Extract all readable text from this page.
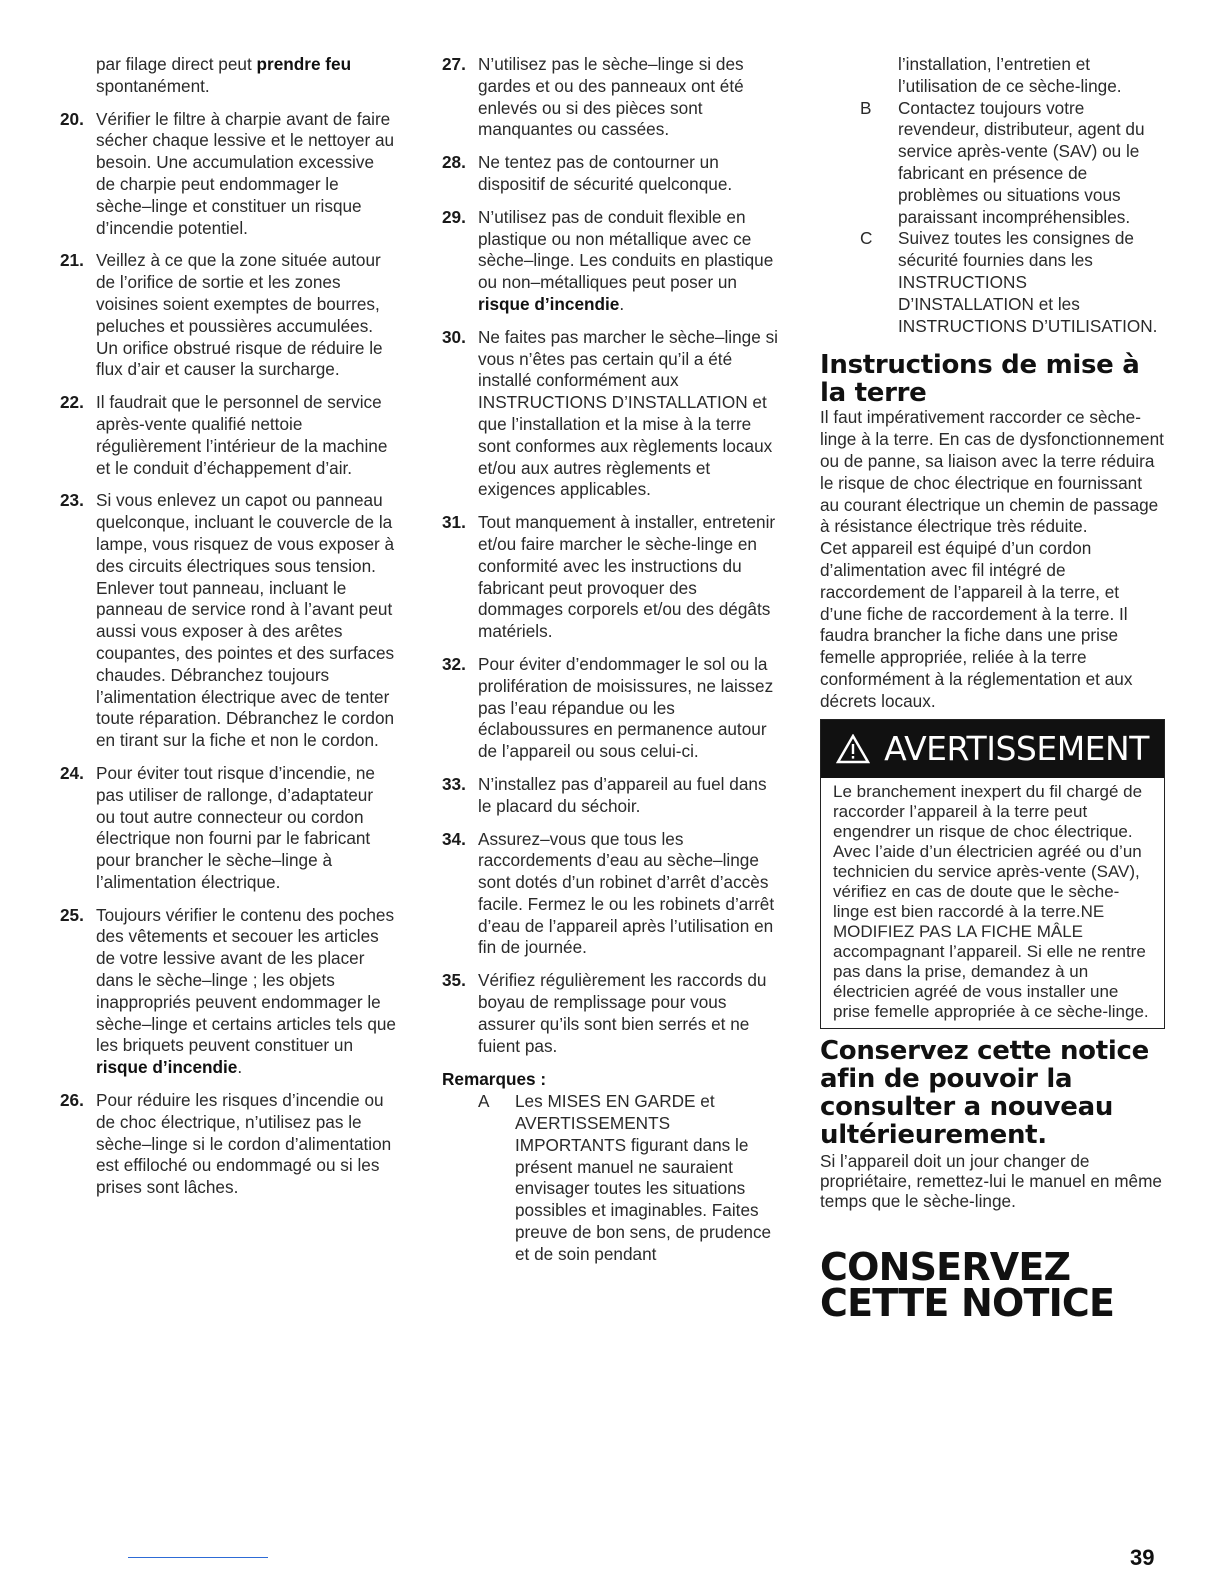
par filage direct peut prendre feu spontanément.
20. Vérifier le filtre à charpie avant de faire sécher chaque lessive et le nettoyer au besoin. Une accumulation excessive de charpie peut endommager le sèche–linge et constituer un risque d’incendie potentiel.
21. Veillez à ce que la zone située autour de l’orifice de sortie et les zones voisines soient exemptes de bourres, peluches et poussières accumulées. Un orifice obstrué risque de réduire le flux d’air et causer la surcharge.
22. Il faudrait que le personnel de service après-vente qualifié nettoie régulièrement l’intérieur de la machine et le conduit d’échappement d’air.
23. Si vous enlevez un capot ou panneau quelconque, incluant le couvercle de la lampe, vous risquez de vous exposer à des circuits électriques sous tension. Enlever tout panneau, incluant le panneau de service rond à l’avant peut aussi vous exposer à des arêtes coupantes, des pointes et des surfaces chaudes. Débranchez toujours l’alimentation électrique avec de tenter toute réparation. Débranchez le cordon en tirant sur la fiche et non le cordon.
24. Pour éviter tout risque d’incendie, ne pas utiliser de rallonge, d’adaptateur ou tout autre connecteur ou cordon électrique non fourni par le fabricant pour brancher le sèche–linge à l’alimentation électrique.
25. Toujours vérifier le contenu des poches des vêtements et secouer les articles de votre lessive avant de les placer dans le sèche–linge ; les objets inappropriés peuvent endommager le sèche–linge et certains articles tels que les briquets peuvent constituer un risque d’incendie.
26. Pour réduire les risques d’incendie ou de choc électrique, n’utilisez pas le sèche–linge si le cordon d’alimentation est effiloché ou endommagé ou si les prises sont lâches.
27. N’utilisez pas le sèche–linge si des gardes et ou des panneaux ont été enlevés ou si des pièces sont manquantes ou cassées.
28. Ne tentez pas de contourner un dispositif de sécurité quelconque.
29. N’utilisez pas de conduit flexible en plastique ou non métallique avec ce sèche–linge. Les conduits en plastique ou non–métalliques peut poser un risque d’incendie.
30. Ne faites pas marcher le sèche–linge si vous n’êtes pas certain qu’il a été installé conformément aux INSTRUCTIONS D’INSTALLATION et que l’installation et la mise à la terre sont conformes aux règlements locaux et/ou aux autres règlements et exigences applicables.
31. Tout manquement à installer, entretenir et/ou faire marcher le sèche-linge en conformité avec les instructions du fabricant peut provoquer des dommages corporels et/ou des dégâts matériels.
32. Pour éviter d’endommager le sol ou la prolifération de moisissures, ne laissez pas l’eau répandue ou les éclaboussures en permanence autour de l’appareil ou sous celui-ci.
33. N’installez pas d’appareil au fuel dans le placard du séchoir.
34. Assurez–vous que tous les raccordements d’eau au sèche–linge sont dotés d’un robinet d’arrêt d’accès facile. Fermez le ou les robinets d’arrêt d’eau de l’appareil après l’utilisation en fin de journée.
35. Vérifiez régulièrement les raccords du boyau de remplissage pour vous assurer qu’ils sont bien serrés et ne fuient pas.
Remarques :
A	Les MISES EN GARDE et AVERTISSEMENTS IMPORTANTS figurant dans le présent manuel ne sauraient envisager toutes les situations possibles et imaginables. Faites preuve de bon sens, de prudence et de soin pendant
l’installation, l’entretien et l’utilisation de ce sèche-linge.
B	Contactez toujours votre revendeur, distributeur, agent du service après-vente (SAV) ou le fabricant en présence de problèmes ou situations vous paraissant incompréhensibles.
C	Suivez toutes les consignes de sécurité fournies dans les INSTRUCTIONS D’INSTALLATION et les INSTRUCTIONS D’UTILISATION.
Instructions de mise à la terre
Il faut impérativement raccorder ce sèche-linge à la terre. En cas de dysfonctionnement ou de panne, sa liaison avec la terre réduira le risque de choc électrique en fournissant au courant électrique un chemin de passage à résistance électrique très réduite.
Cet appareil est équipé d’un cordon d’alimentation avec fil intégré de raccordement de l’appareil à la terre, et d’une fiche de raccordement à la terre. Il faudra brancher la fiche dans une prise femelle appropriée, reliée à la terre conformément à la réglementation et aux décrets locaux.
AVERTISSEMENT
Le branchement inexpert du fil chargé de raccorder l’appareil à la terre peut engendrer un risque de choc électrique. Avec l’aide d’un électricien agréé ou d’un technicien du service après-vente (SAV), vérifiez en cas de doute que le sèche-linge est bien raccordé à la terre.NE MODIFIEZ PAS LA FICHE MÂLE accompagnant l’appareil. Si elle ne rentre pas dans la prise, demandez à un électricien agréé de vous installer une prise femelle appropriée à ce sèche-linge.
Conservez cette notice afin de pouvoir la consulter a nouveau ultérieurement.
Si l’appareil doit un jour changer de propriétaire, remettez-lui le manuel en même temps que le sèche-linge.
CONSERVEZ
CETTE NOTICE
39
